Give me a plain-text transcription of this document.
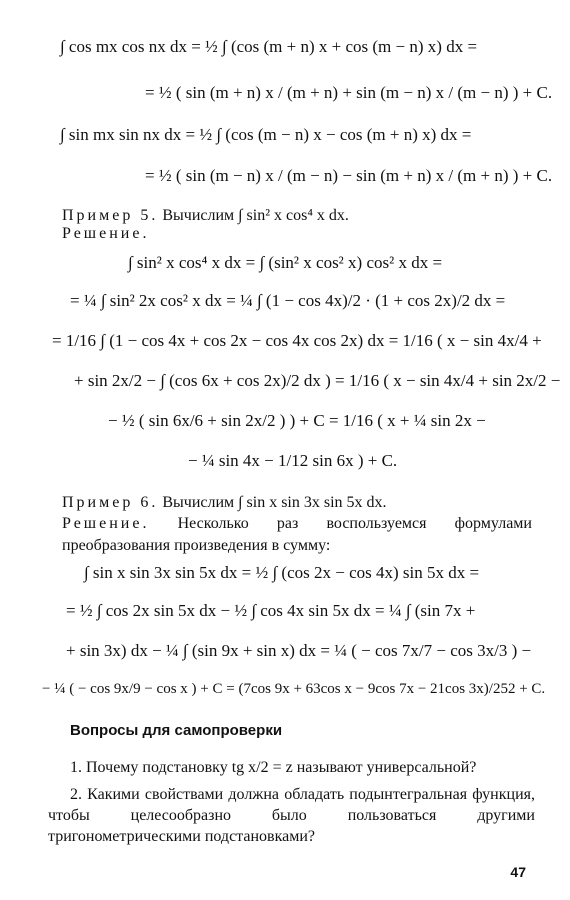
∫ cos mx cos nx dx = ½ ∫ (cos (m + n) x + cos (m − n) x) dx =
= ½ ( sin (m + n) x / (m + n) + sin (m − n) x / (m − n) ) + C.
∫ sin mx sin nx dx = ½ ∫ (cos (m − n) x − cos (m + n) x) dx =
= ½ ( sin (m − n) x / (m − n) − sin (m + n) x / (m + n) ) + C.
Пример 5. Вычислим ∫ sin² x cos⁴ x dx.
Решение.
∫ sin² x cos⁴ x dx = ∫ (sin² x cos² x) cos² x dx =
= ¼ ∫ sin² 2x cos² x dx = ¼ ∫ (1 − cos 4x)/2 · (1 + cos 2x)/2 dx =
= 1/16 ∫ (1 − cos 4x + cos 2x − cos 4x cos 2x) dx = 1/16 ( x − sin 4x/4 +
+ sin 2x/2 − ∫ (cos 6x + cos 2x)/2 dx ) = 1/16 ( x − sin 4x/4 + sin 2x/2 −
− ½ ( sin 6x/6 + sin 2x/2 ) ) + C = 1/16 ( x + ¼ sin 2x −
− ¼ sin 4x − 1/12 sin 6x ) + C.
Пример 6. Вычислим ∫ sin x sin 3x sin 5x dx.
Решение. Несколько раз воспользуемся формулами преобразования произведения в сумму:
∫ sin x sin 3x sin 5x dx = ½ ∫ (cos 2x − cos 4x) sin 5x dx =
= ½ ∫ cos 2x sin 5x dx − ½ ∫ cos 4x sin 5x dx = ¼ ∫ (sin 7x +
+ sin 3x) dx − ¼ ∫ (sin 9x + sin x) dx = ¼ ( − cos 7x/7 − cos 3x/3 ) −
− ¼ ( − cos 9x/9 − cos x ) + C = (7cos 9x + 63cos x − 9cos 7x − 21cos 3x)/252 + C.
Вопросы для самопроверки
1. Почему подстановку tg x/2 = z называют универсальной?
2. Какими свойствами должна обладать подынтегральная функция, чтобы целесообразно было пользоваться другими тригонометрическими подстановками?
47
